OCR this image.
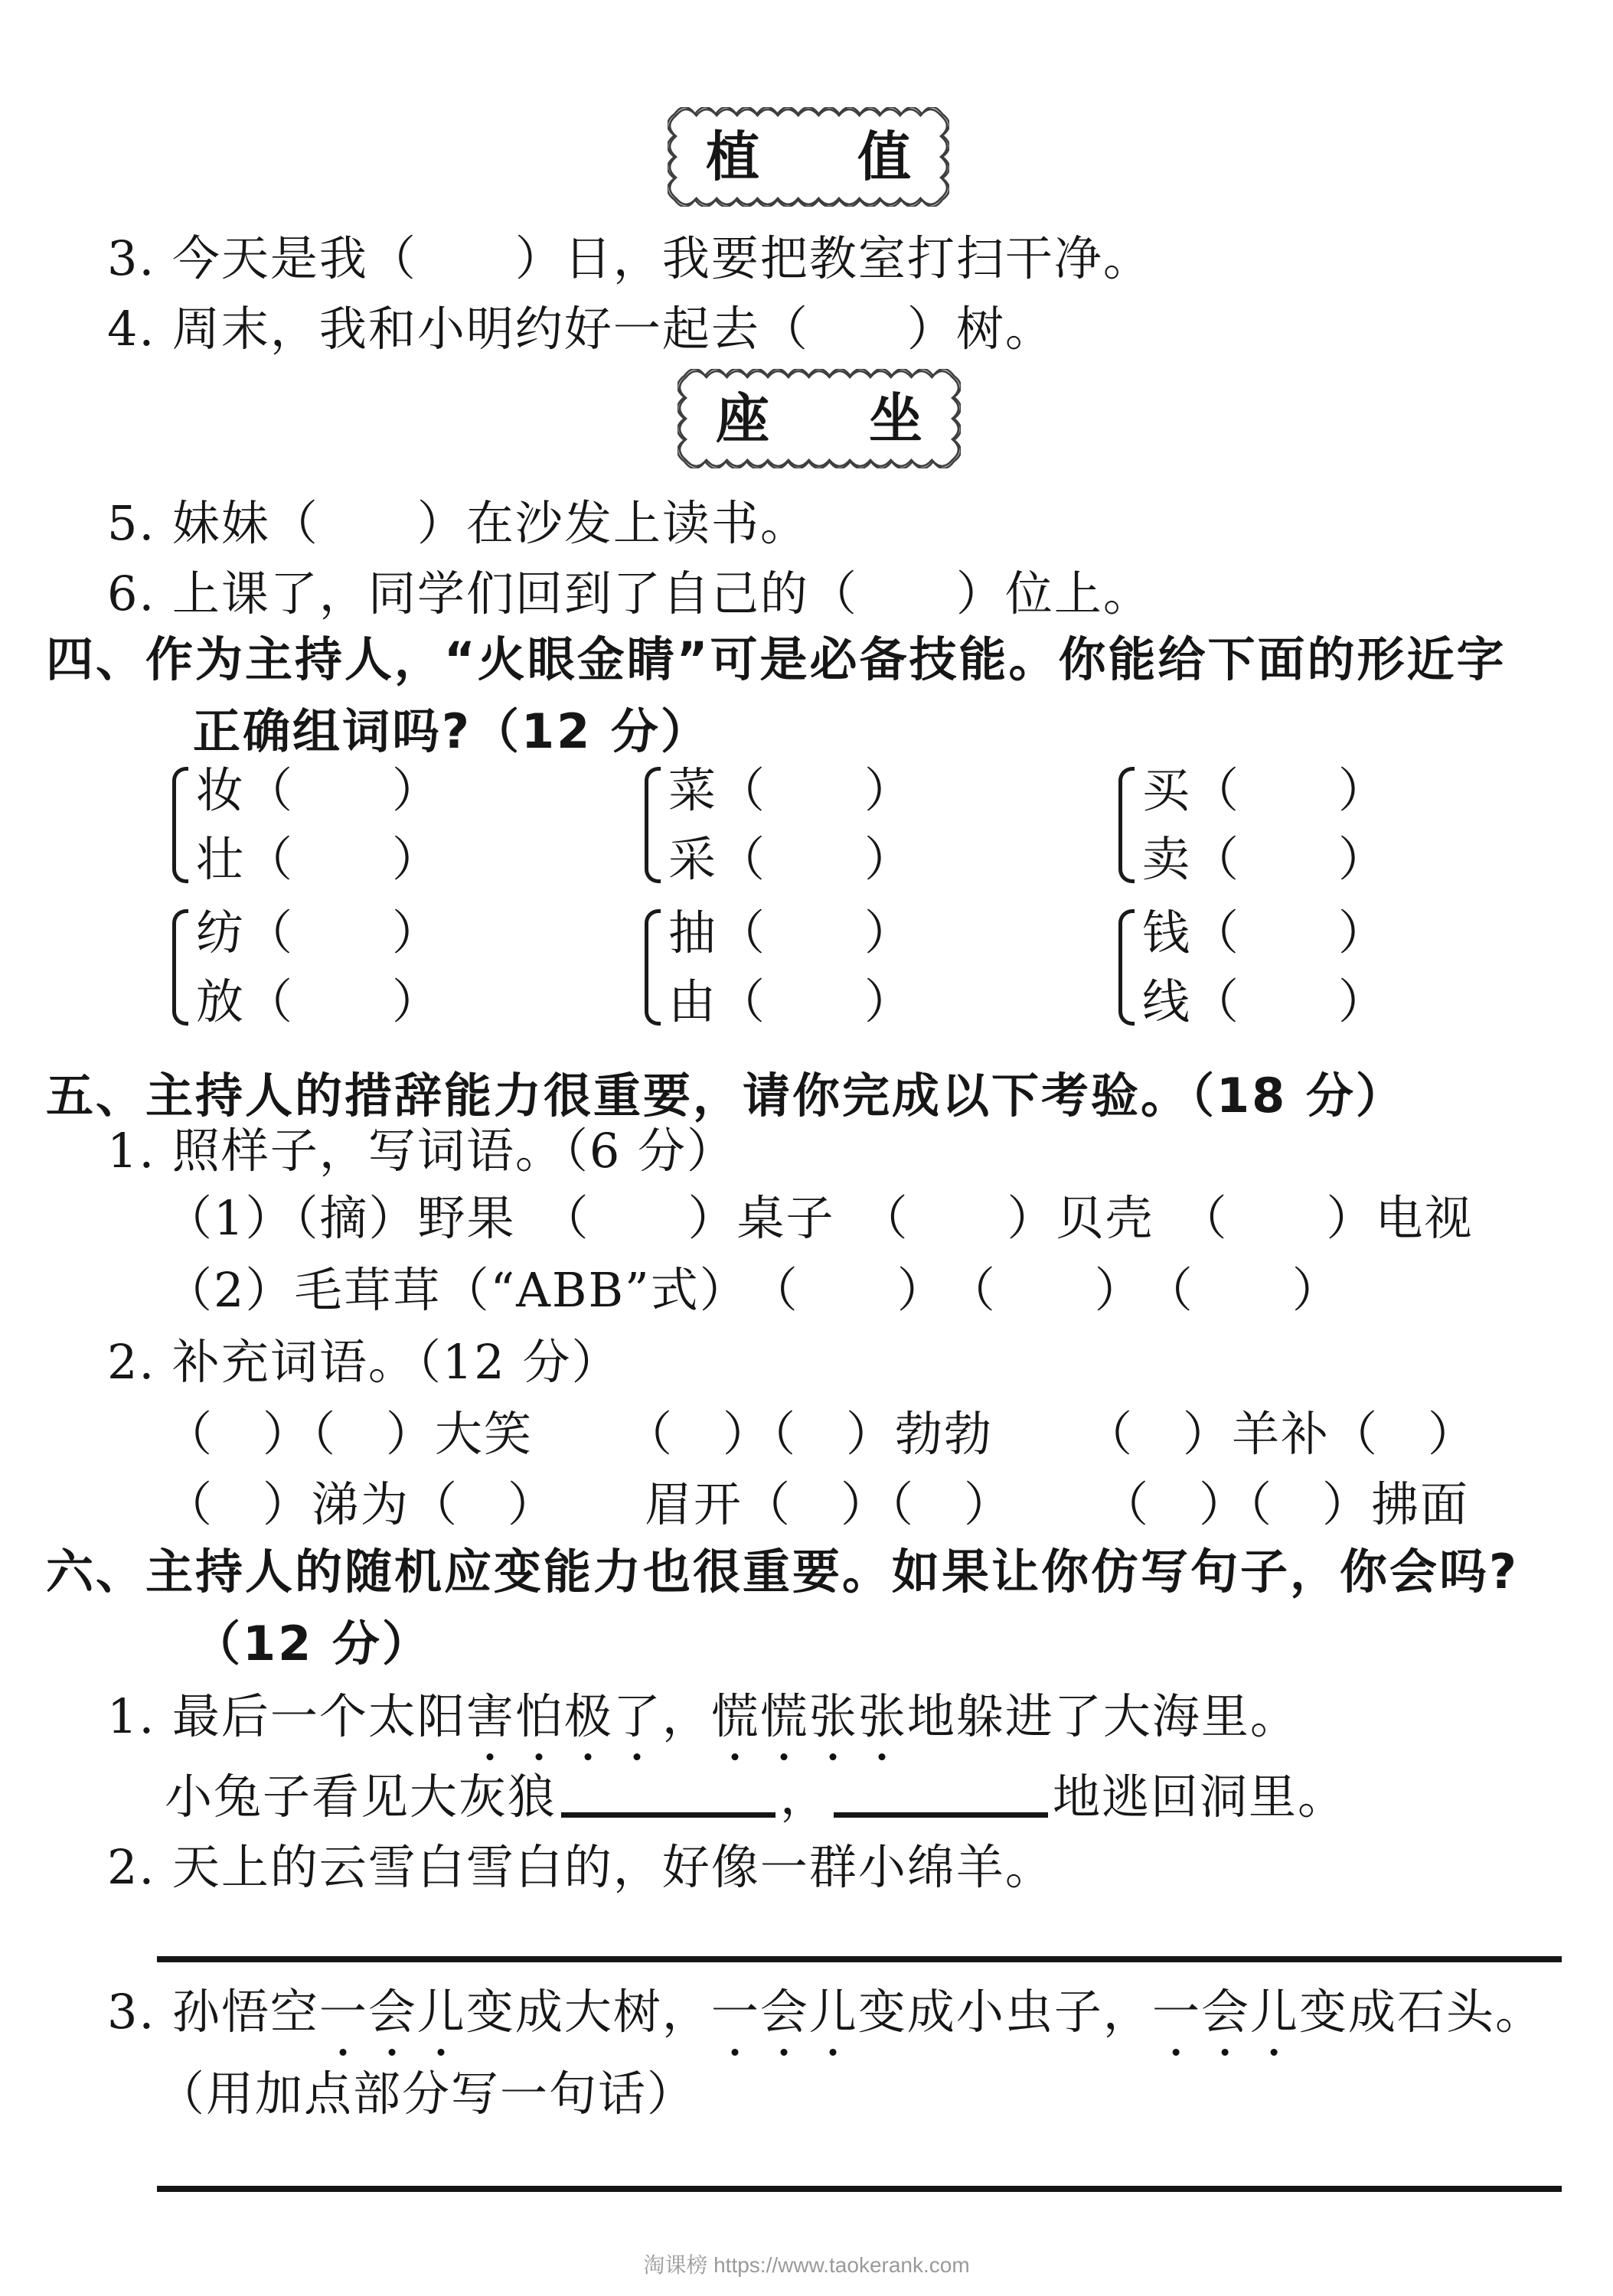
植 值
3. 今天是我（　　）日，我要把教室打扫干净。
4. 周末，我和小明约好一起去（　　）树。
座 坐
5. 妹妹（　　）在沙发上读书。
6. 上课了，同学们回到了自己的（　　）位上。
四、作为主持人，“火眼金睛”可是必备技能。你能给下面的形近字
正确组词吗?（12 分）
妆（　　）
壮（　　）
菜（　　）
采（　　）
买（　　）
卖（　　）
纺（　　）
放（　　）
抽（　　）
由（　　）
钱（　　）
线（　　）
五、主持人的措辞能力很重要，请你完成以下考验。（18 分）
1. 照样子，写词语。（6 分）
（1）（摘）野果　（　　）桌子　（　　）贝壳　（　　）电视
（2）毛茸茸（“ABB”式）　（　　）　（　　）　（　　）
2. 补充词语。（12 分）
（　）（　）大笑 （　）（　）勃勃 （　）羊补（　）
（　）涕为（　） 眉开（　）（　） （　）（　）拂面
六、主持人的随机应变能力也很重要。如果让你仿写句子，你会吗?
（12 分）
1. 最后一个太阳害怕极了，慌慌张张地躲进了大海里。
小兔子看见大灰狼	，	地逃回洞里。
2. 天上的云雪白雪白的，好像一群小绵羊。
3. 孙悟空一会儿变成大树，一会儿变成小虫子，一会儿变成石头。
（用加点部分写一句话）
淘课榜 https://www.taokerank.com
